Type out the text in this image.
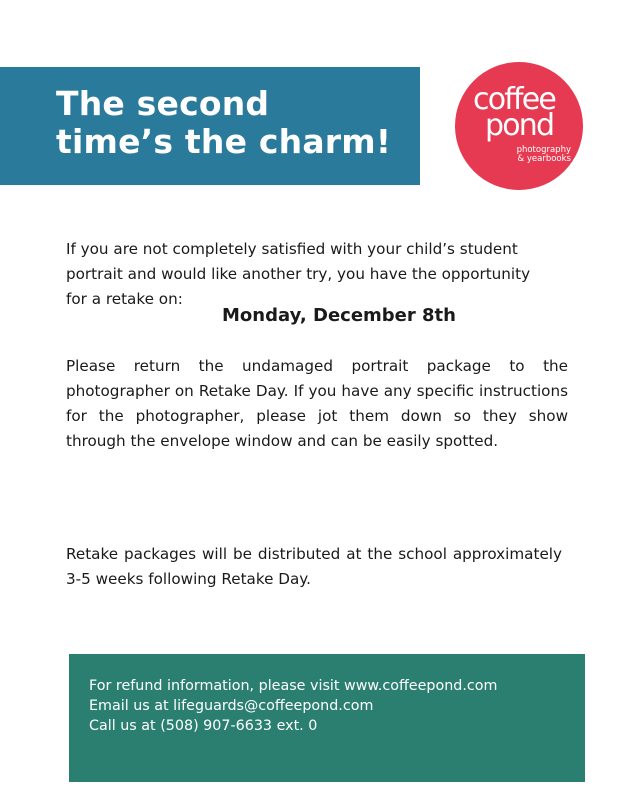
The second
time’s the charm!
coffee
pond
photography
& yearbooks
If you are not completely satisfied with your child’s student
portrait and would like another try, you have the opportunity
for a retake on:
Monday, December 8th
Please return the undamaged portrait package to the photographer on Retake Day. If you have any specific instructions for the photographer, please jot them down so they show through the envelope window and can be easily spotted.
Retake packages will be distributed at the school approximately 3-5 weeks following Retake Day.
For refund information, please visit www.coffeepond.com
Email us at lifeguards@coffeepond.com
Call us at (508) 907-6633 ext. 0
